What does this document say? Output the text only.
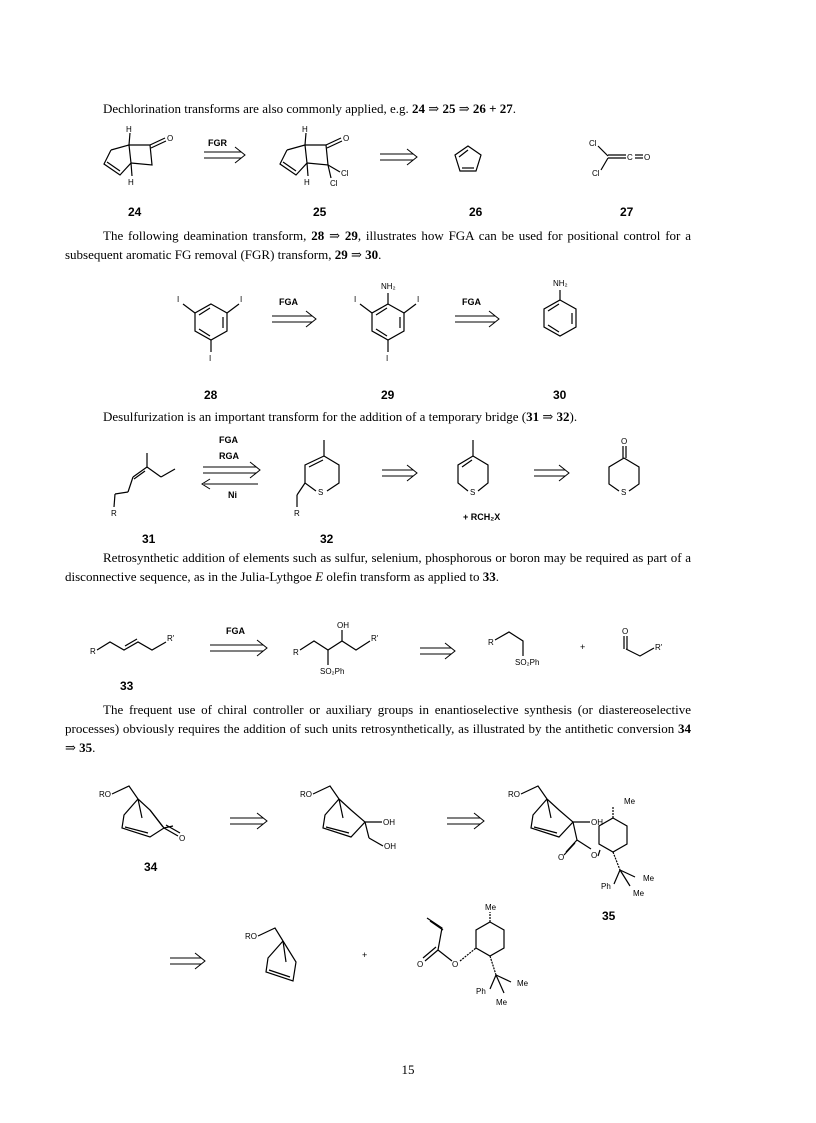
Dechlorination transforms are also commonly applied, e.g. 24 ⇒ 25 ⇒ 26 + 27.
H
H
O	FGR
H
H
O
Cl
Cl
Cl
Cl
C O
24	25	26	27
The following deamination transform, 28 ⇒ 29, illustrates how FGA can be used for positional control for a subsequent aromatic FG removal (FGR) transform, 29 ⇒ 30.
I	I
I
FGA
NH₂
I	I
I
FGA
NH₂
28	29	30
Desulfurization is an important transform for the addition of a temporary bridge (31 ⇒ 32).
R
FGA
RGA
Ni	S
R
S
+ RCH₂X
O
S
31	32
Retrosynthetic addition of elements such as sulfur, selenium, phosphorous or boron may be required as part of a disconnective sequence, as in the Julia-Lythgoe E olefin transform as applied to 33.
R
R'
FGA
R
OH
R'
SO₂Ph
R
SO₂Ph
+
O
R'
33
The frequent use of chiral controller or auxiliary groups in enantioselective synthesis (or diastereoselective processes) obviously requires the addition of such units retrosynthetically, as illustrated by the antithetic conversion 34 ⇒ 35.
RO
O
34
RO
OH
OH
RO
O	O
OH
Me
Me
Ph
Me
35
RO
+
O	O
Me
Me
Ph
Me
15
